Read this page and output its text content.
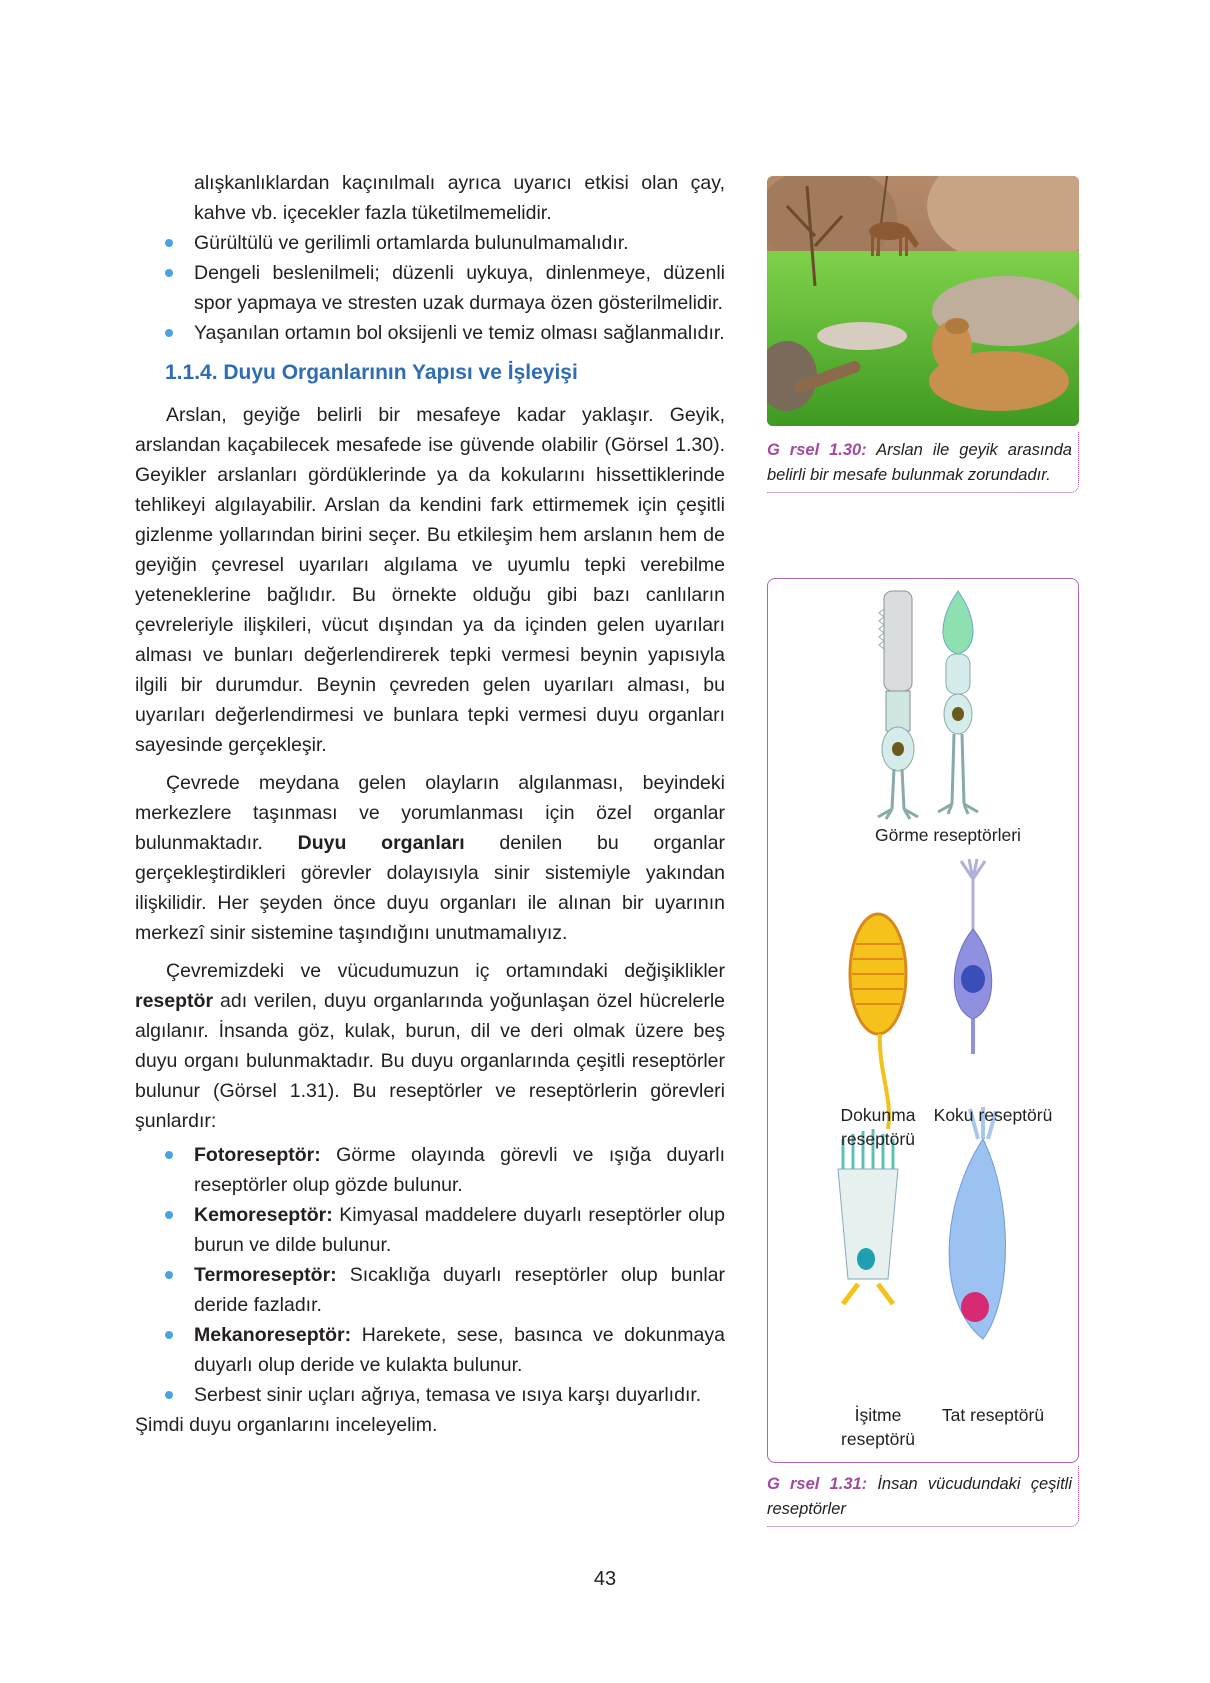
alışkanlıklardan kaçınılmalı ayrıca uyarıcı etkisi olan çay, kahve vb. içecekler fazla tüketilmemelidir.

Gürültülü ve gerilimli ortamlarda bulunulmamalıdır.

Dengeli beslenilmeli; düzenli uykuya, dinlenmeye, düzenli spor yapmaya ve stresten uzak durmaya özen gösterilmelidir.

Yaşanılan ortamın bol oksijenli ve temiz olması sağlanmalıdır.

1.1.4. Duyu Organlarının Yapısı ve İşleyişi

Arslan, geyiğe belirli bir mesafeye kadar yaklaşır. Geyik, arslandan kaçabilecek mesafede ise güvende olabilir (Görsel 1.30). Geyikler arslanları gördüklerinde ya da kokularını hissettiklerinde tehlikeyi algılayabilir. Arslan da kendini fark ettirmemek için çeşitli gizlenme yollarından birini seçer. Bu etkileşim hem arslanın hem de geyiğin çevresel uyarıları algılama ve uyumlu tepki verebilme yeteneklerine bağlıdır. Bu örnekte olduğu gibi bazı canlıların çevreleriyle ilişkileri, vücut dışından ya da içinden gelen uyarıları alması ve bunları değerlendirerek tepki vermesi beynin yapısıyla ilgili bir durumdur. Beynin çevreden gelen uyarıları alması, bu uyarıları değerlendirmesi ve bunlara tepki vermesi duyu organları sayesinde gerçekleşir.

Çevrede meydana gelen olayların algılanması, beyindeki merkezlere taşınması ve yorumlanması için özel organlar bulunmaktadır. Duyu organları denilen bu organlar gerçekleştirdikleri görevler dolayısıyla sinir sistemiyle yakından ilişkilidir. Her şeyden önce duyu organları ile alınan bir uyarının merkezî sinir sistemine taşındığını unutmamalıyız.

Çevremizdeki ve vücudumuzun iç ortamındaki değişiklikler reseptör adı verilen, duyu organlarında yoğunlaşan özel hücrelerle algılanır. İnsanda göz, kulak, burun, dil ve deri olmak üzere beş duyu organı bulunmaktadır. Bu duyu organlarında çeşitli reseptörler bulunur (Görsel 1.31). Bu reseptörler ve reseptörlerin görevleri şunlardır:

Fotoreseptör: Görme olayında görevli ve ışığa duyarlı reseptörler olup gözde bulunur.

Kemoreseptör: Kimyasal maddelere duyarlı reseptörler olup burun ve dilde bulunur.

Termoreseptör: Sıcaklığa duyarlı reseptörler olup bunlar deride fazladır.

Mekanoreseptör: Harekete, sese, basınca ve dokunmaya duyarlı olup deride ve kulakta bulunur.

Serbest sinir uçları ağrıya, temasa ve ısıya karşı duyarlıdır.

Şimdi duyu organlarını inceleyelim.

G rsel 1.30: Arslan ile geyik arasında belirli bir mesafe bulunmak zorundadır.
Görme reseptörleri
Dokunma reseptörü
Koku reseptörü
İşitme reseptörü
Tat reseptörü
G rsel 1.31: İnsan vücudundaki çeşitli reseptörler
43
